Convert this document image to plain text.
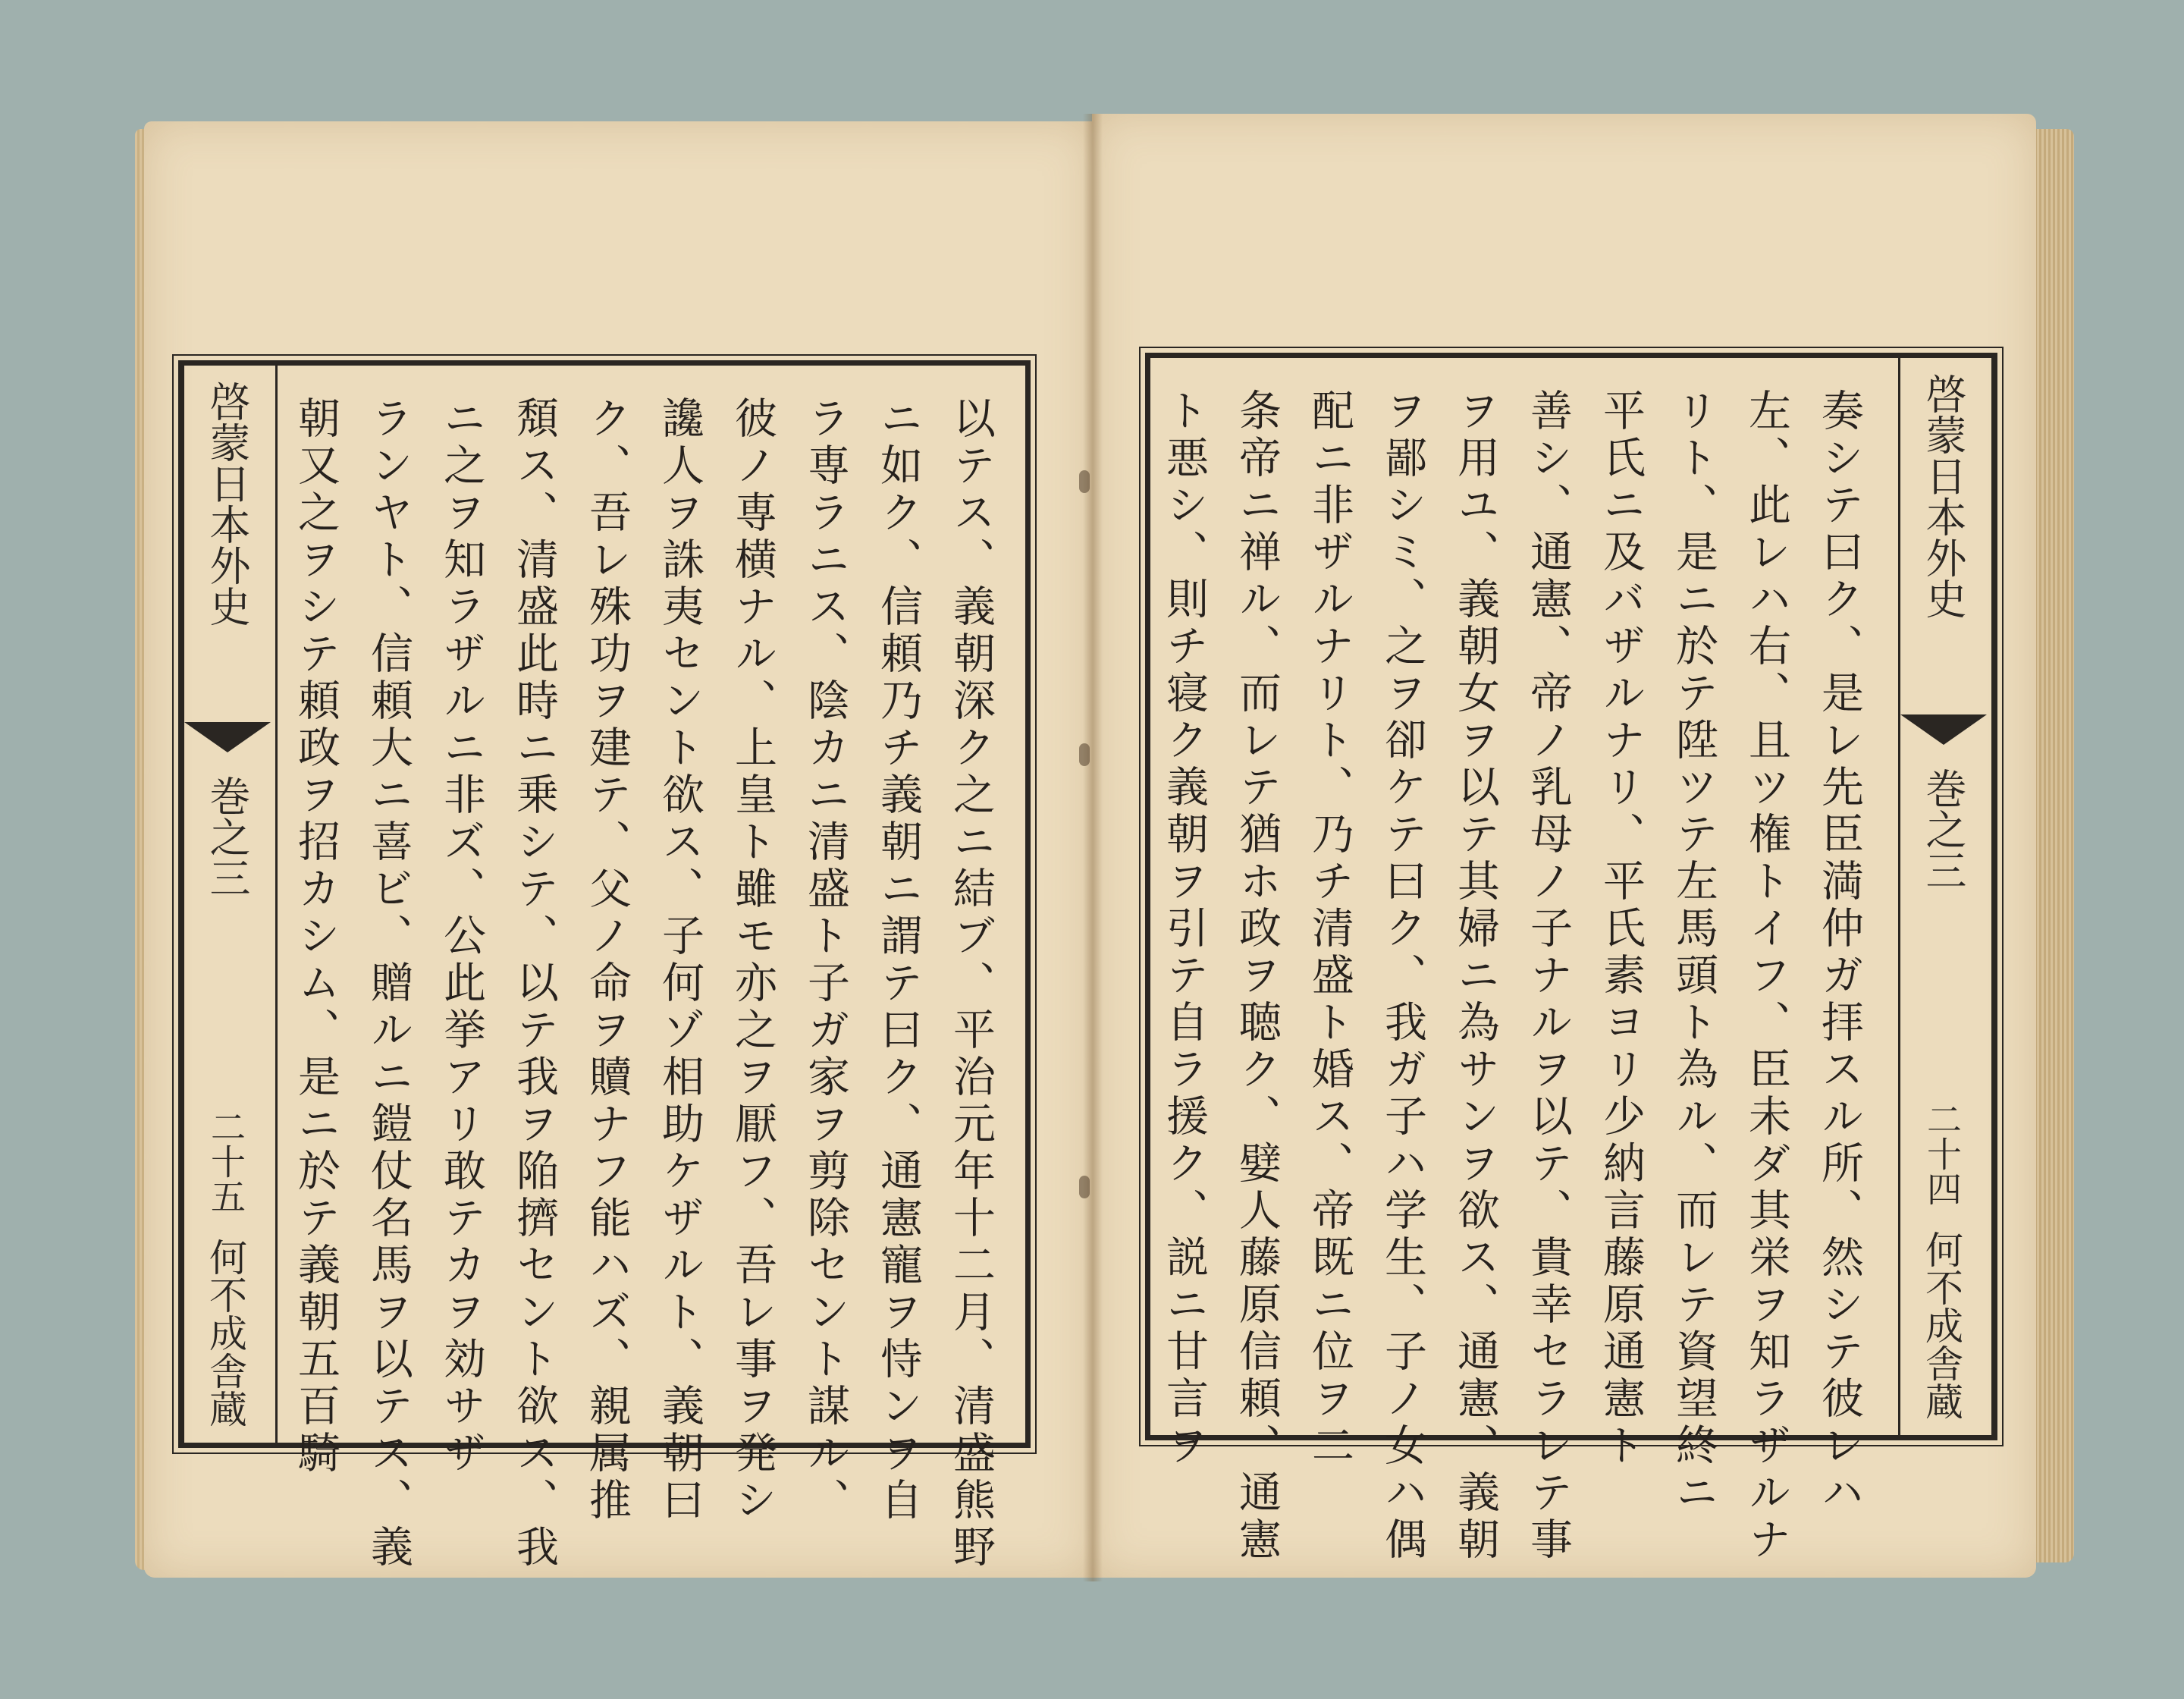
啓蒙日本外史
巻之三
二十五
何不成舎蔵	以テス、義朝深ク之ニ結ブ、平治元年十二月、清盛熊野
ニ如ク、信頼乃チ義朝ニ謂テ曰ク、通憲寵ヲ恃ンヲ自
ラ専ラニス、陰カニ清盛ト子ガ家ヲ剪除セント謀ル、
彼ノ専横ナル、上皇ト雖モ亦之ヲ厭フ、吾レ事ヲ発シ
讒人ヲ誅夷セント欲ス、子何ゾ相助ケザルト、義朝曰
ク、吾レ殊功ヲ建テ、父ノ命ヲ贖ナフ能ハズ、親属推
頽ス、清盛此時ニ乗シテ、以テ我ヲ陥擠セント欲ス、我
ニ之ヲ知ラザルニ非ズ、公此挙アリ敢テカヲ効サザ
ランヤト、信頼大ニ喜ビ、贈ルニ鎧仗名馬ヲ以テス、義
朝又之ヲシテ頼政ヲ招カシム、是ニ於テ義朝五百騎	啓蒙日本外史
巻之三
二十四
何不成舎蔵
奏シテ曰ク、是レ先臣満仲ガ拝スル所、然シテ彼レハ
左、此レハ右、且ツ権トイフ、臣未ダ其栄ヲ知ラザルナ
リト、是ニ於テ陞ツテ左馬頭ト為ル、而レテ資望終ニ
平氏ニ及バザルナリ、平氏素ヨリ少納言藤原通憲ト
善シ、通憲、帝ノ乳母ノ子ナルヲ以テ、貴幸セラレテ事
ヲ用ユ、義朝女ヲ以テ其婦ニ為サンヲ欲ス、通憲、義朝
ヲ鄙シミ、之ヲ卻ケテ曰ク、我ガ子ハ学生、子ノ女ハ偶
配ニ非ザルナリト、乃チ清盛ト婚ス、帝既ニ位ヲ二
条帝ニ禅ル、而レテ猶ホ政ヲ聴ク、嬖人藤原信頼、通憲
ト悪シ、則チ寝ク義朝ヲ引テ自ラ援ク、説ニ甘言ヲ
